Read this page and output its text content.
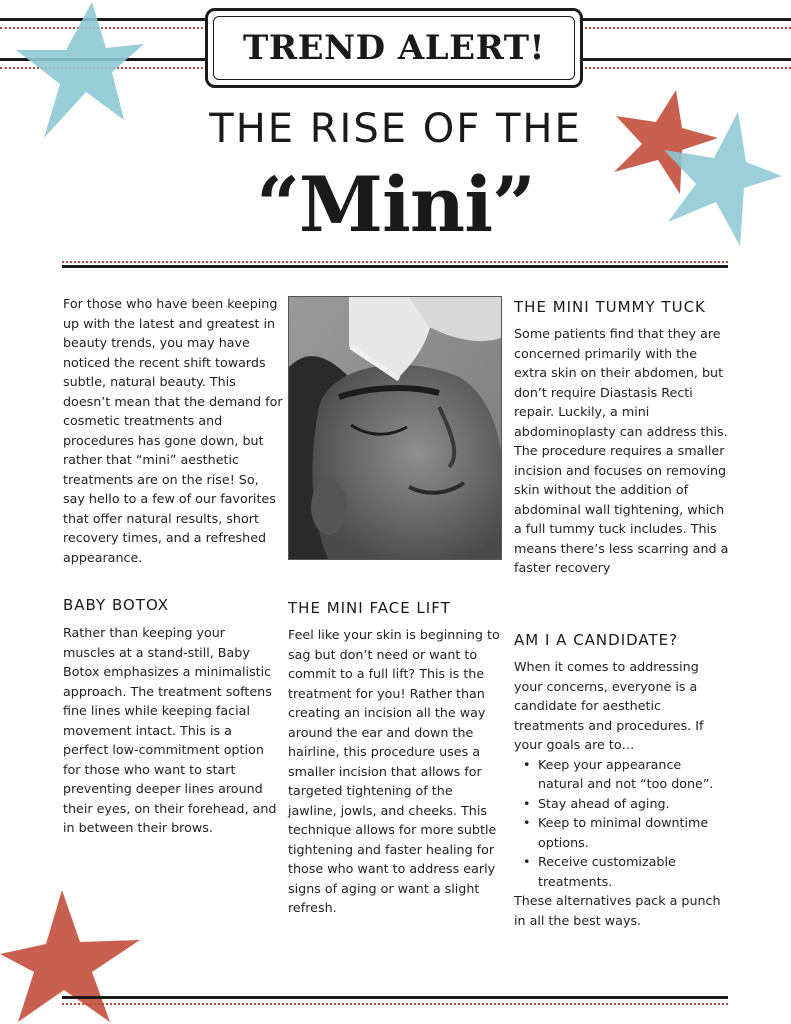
TREND ALERT!
THE RISE OF THE
“Mini”

For those who have been keeping up with the latest and greatest in beauty trends, you may have noticed the recent shift towards subtle, natural beauty. This doesn’t mean that the demand for cosmetic treatments and procedures has gone down, but rather that “mini” aesthetic treatments are on the rise! So, say hello to a few of our favorites that offer natural results, short recovery times, and a refreshed appearance.

BABY BOTOX

Rather than keeping your muscles at a stand-still, Baby Botox emphasizes a minimalistic approach. The treatment softens fine lines while keeping facial movement intact. This is a perfect low-commitment option for those who want to start preventing deeper lines around their eyes, on their forehead, and in between their brows.

THE MINI FACE LIFT

Feel like your skin is beginning to sag but don’t need or want to commit to a full lift? This is the treatment for you! Rather than creating an incision all the way around the ear and down the hairline, this procedure uses a smaller incision that allows for targeted tightening of the jawline, jowls, and cheeks. This technique allows for more subtle tightening and faster healing for those who want to address early signs of aging or want a slight refresh.

THE MINI TUMMY TUCK

Some patients find that they are concerned primarily with the extra skin on their abdomen, but don’t require Diastasis Recti repair. Luckily, a mini abdominoplasty can address this. The procedure requires a smaller incision and focuses on removing skin without the addition of abdominal wall tightening, which a full tummy tuck includes. This means there’s less scarring and a faster recovery

AM I A CANDIDATE?

When it comes to addressing your concerns, everyone is a candidate for aesthetic treatments and procedures. If your goals are to…

• Keep your appearance natural and not “too done”.
• Stay ahead of aging.
• Keep to minimal downtime options.
• Receive customizable treatments.

These alternatives pack a punch in all the best ways.
